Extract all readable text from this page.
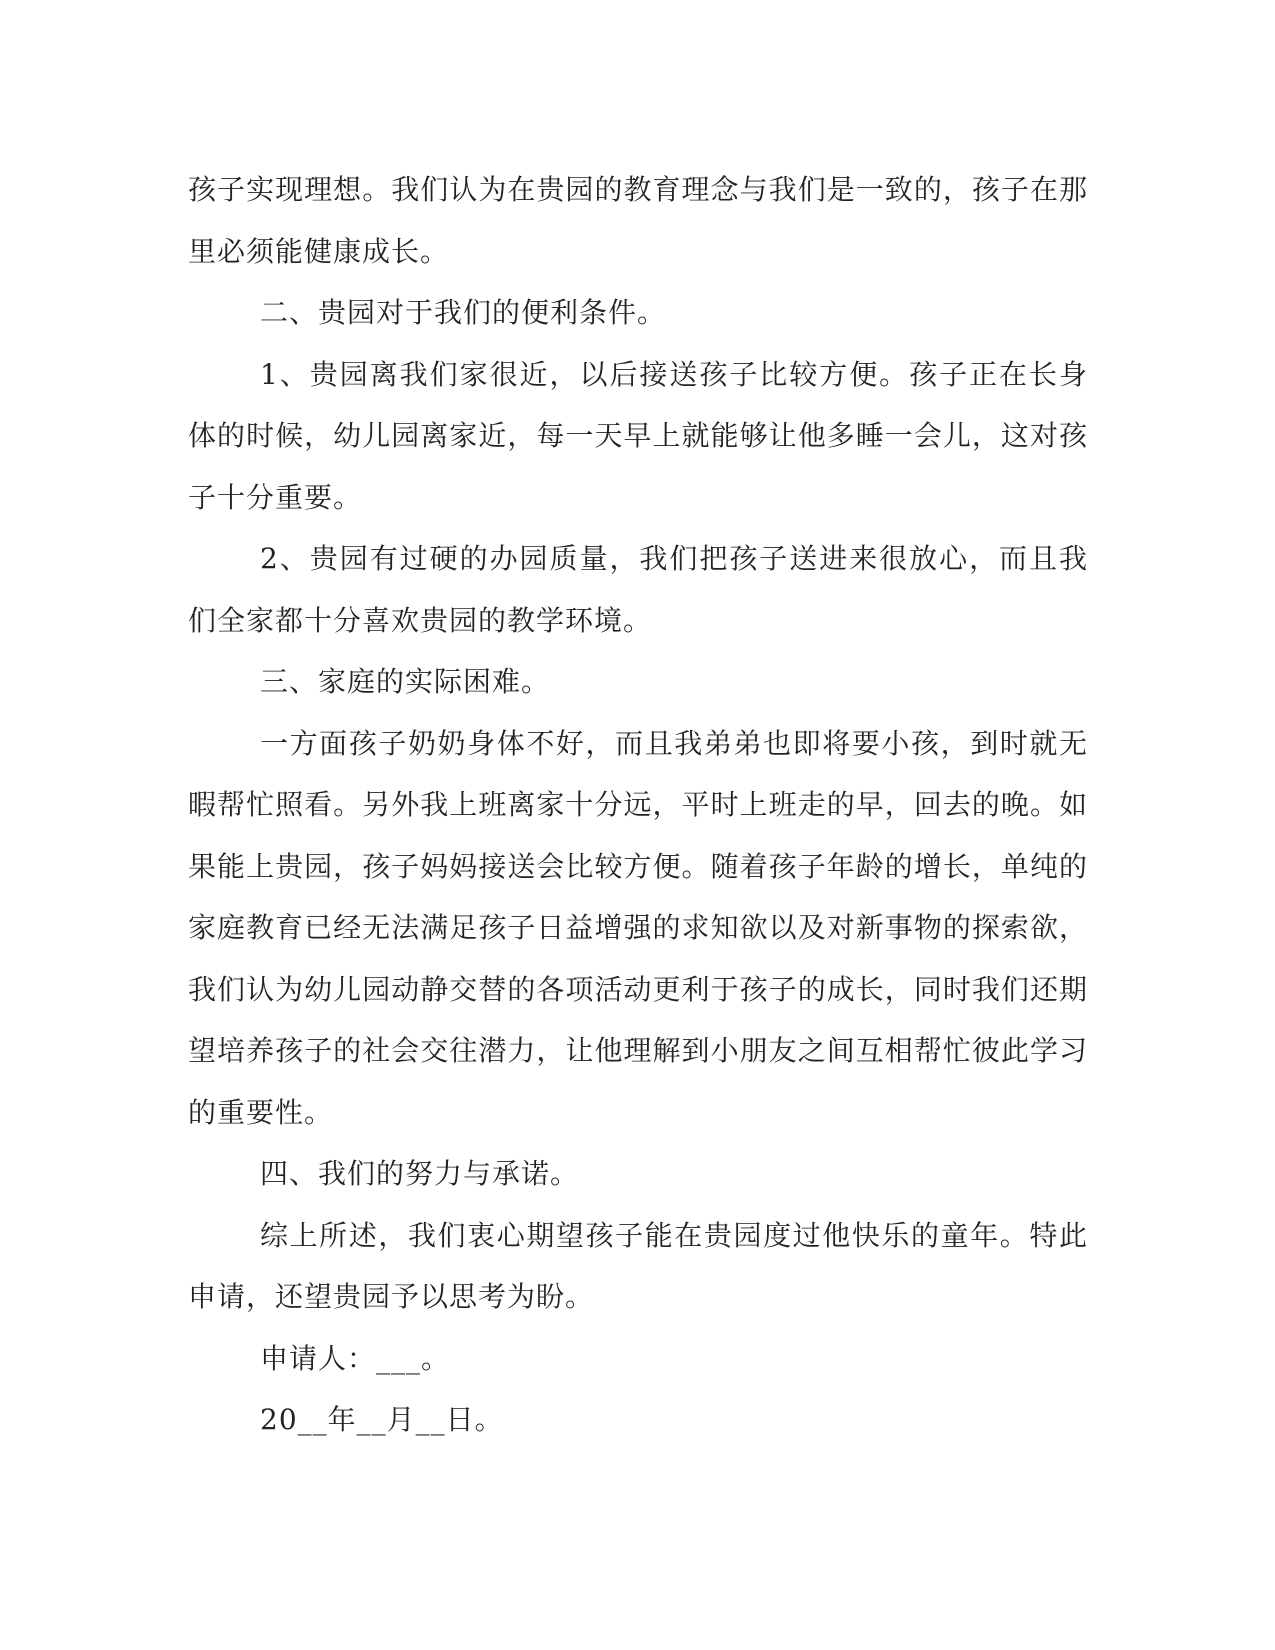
孩子实现理想。我们认为在贵园的教育理念与我们是一致的，孩子在那里必须能健康成长。

二、贵园对于我们的便利条件。

1、贵园离我们家很近，以后接送孩子比较方便。孩子正在长身体的时候，幼儿园离家近，每一天早上就能够让他多睡一会儿，这对孩子十分重要。

2、贵园有过硬的办园质量，我们把孩子送进来很放心，而且我们全家都十分喜欢贵园的教学环境。

三、家庭的实际困难。

一方面孩子奶奶身体不好，而且我弟弟也即将要小孩，到时就无暇帮忙照看。另外我上班离家十分远，平时上班走的早，回去的晚。如果能上贵园，孩子妈妈接送会比较方便。随着孩子年龄的增长，单纯的家庭教育已经无法满足孩子日益增强的求知欲以及对新事物的探索欲，我们认为幼儿园动静交替的各项活动更利于孩子的成长，同时我们还期望培养孩子的社会交往潜力，让他理解到小朋友之间互相帮忙彼此学习的重要性。

四、我们的努力与承诺。

综上所述，我们衷心期望孩子能在贵园度过他快乐的童年。特此申请，还望贵园予以思考为盼。

申请人：___。

20__年__月__日。
